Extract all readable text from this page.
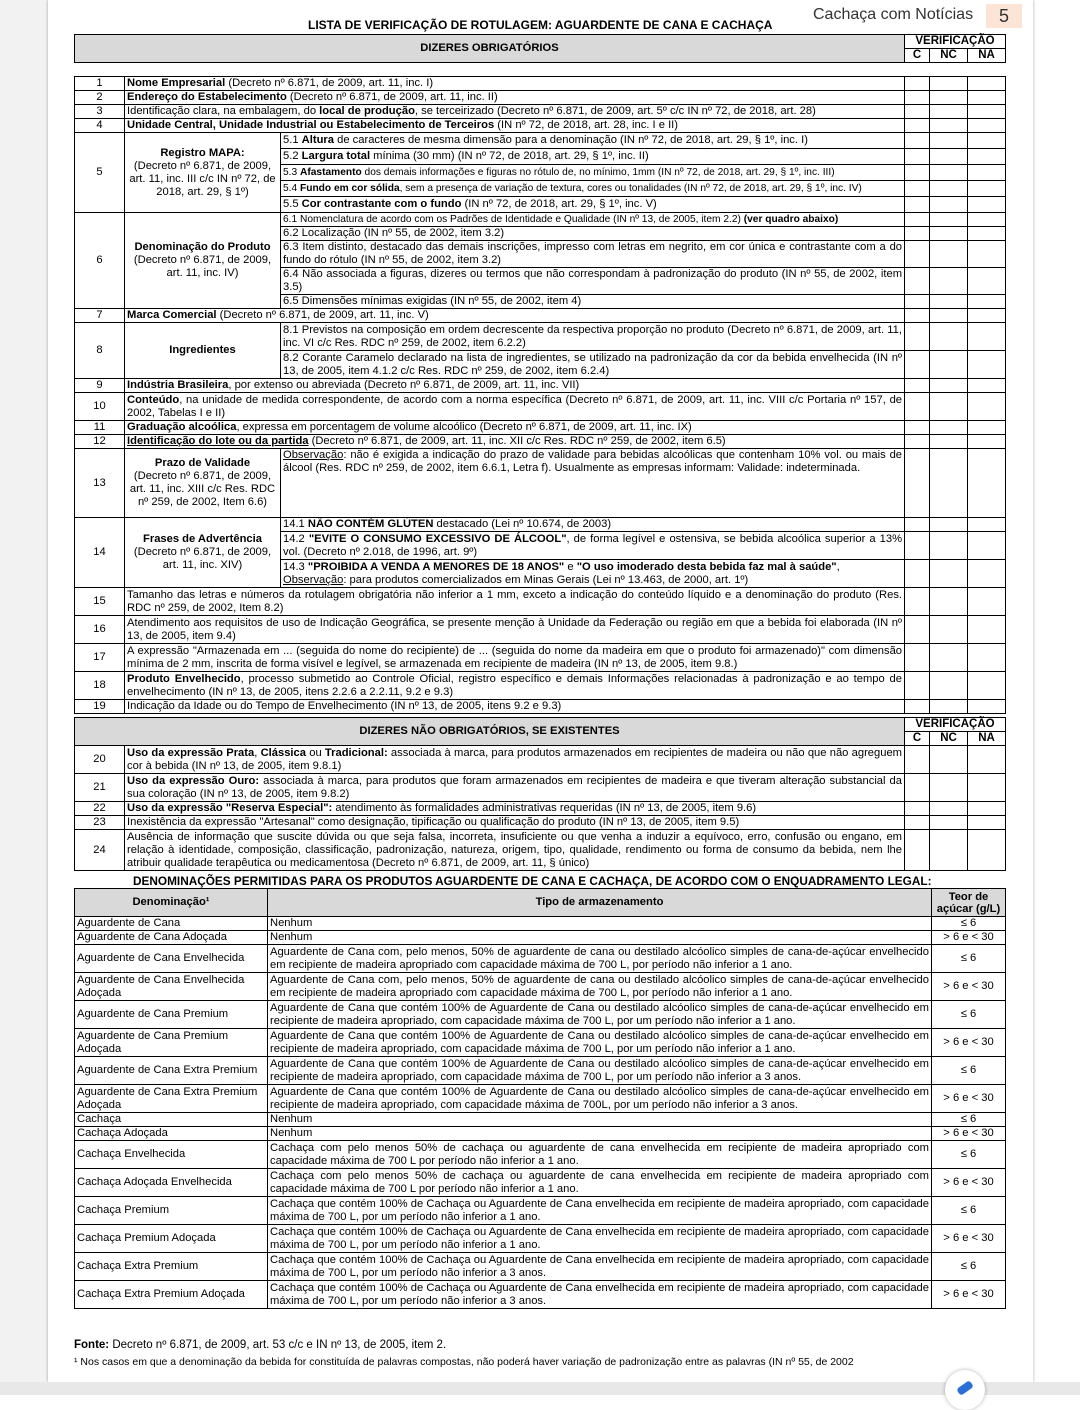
Cachaça com Notícias	5
LISTA DE VERIFICAÇÃO DE ROTULAGEM: AGUARDENTE DE CANA E CACHAÇA
DIZERES OBRIGATÓRIOS			VERIFICAÇÃO		
			C	NC	NA

1	Nome Empresarial (Decreto nº 6.871, de 2009, art. 11, inc. I)				
2	Endereço do Estabelecimento (Decreto nº 6.871, de 2009, art. 11, inc. II)				
3	Identificação clara, na embalagem, do local de produção, se terceirizado (Decreto nº 6.871, de 2009, art. 5º c/c IN nº 72, de 2018, art. 28)				
4	Unidade Central, Unidade Industrial ou Estabelecimento de Terceiros (IN nº 72, de 2018, art. 28, inc. I e II)				
5	Registro MAPA:
(Decreto nº 6.871, de 2009, art. 11, inc. III c/c IN nº 72, de 2018, art. 29, § 1º)	5.1 Altura de caracteres de mesma dimensão para a denominação (IN nº 72, de 2018, art. 29, § 1º, inc. I)			
		5.2 Largura total mínima (30 mm) (IN nº 72, de 2018, art. 29, § 1º, inc. II)			
		5.3 Afastamento dos demais informações e figuras no rótulo de, no mínimo, 1mm (IN nº 72, de 2018, art. 29, § 1º, inc. III)			
		5.4 Fundo em cor sólida, sem a presença de variação de textura, cores ou tonalidades (IN nº 72, de 2018, art. 29, § 1º, inc. IV)			
		5.5 Cor contrastante com o fundo (IN nº 72, de 2018, art. 29, § 1º, inc. V)			
6	Denominação do Produto
(Decreto nº 6.871, de 2009, art. 11, inc. IV)	6.1 Nomenclatura de acordo com os Padrões de Identidade e Qualidade (IN nº 13, de 2005, item 2.2) (ver quadro abaixo)			
		6.2 Localização (IN nº 55, de 2002, item 3.2)			
		6.3 Item distinto, destacado das demais inscrições, impresso com letras em negrito, em cor única e contrastante com a do fundo do rótulo (IN nº 55, de 2002, item 3.2)			
		6.4 Não associada a figuras, dizeres ou termos que não correspondam à padronização do produto (IN nº 55, de 2002, item 3.5)			
		6.5 Dimensões mínimas exigidas (IN nº 55, de 2002, item 4)			
7	Marca Comercial (Decreto nº 6.871, de 2009, art. 11, inc. V)				
8	Ingredientes	8.1 Previstos na composição em ordem decrescente da respectiva proporção no produto (Decreto nº 6.871, de 2009, art. 11, inc. VI c/c Res. RDC nº 259, de 2002, item 6.2.2)			
		8.2 Corante Caramelo declarado na lista de ingredientes, se utilizado na padronização da cor da bebida envelhecida (IN nº 13, de 2005, item 4.1.2 c/c Res. RDC nº 259, de 2002, item 6.2.4)			
9	Indústria Brasileira, por extenso ou abreviada (Decreto nº 6.871, de 2009, art. 11, inc. VII)				
10	Conteúdo, na unidade de medida correspondente, de acordo com a norma específica (Decreto nº 6.871, de 2009, art. 11, inc. VIII c/c Portaria nº 157, de 2002, Tabelas I e II)				
11	Graduação alcoólica, expressa em porcentagem de volume alcoólico (Decreto nº 6.871, de 2009, art. 11, inc. IX)				
12	Identificação do lote ou da partida (Decreto nº 6.871, de 2009, art. 11, inc. XII c/c Res. RDC nº 259, de 2002, item 6.5)				
13	Prazo de Validade
(Decreto nº 6.871, de 2009, art. 11, inc. XIII c/c Res. RDC nº 259, de 2002, Item 6.6)	Observação: não é exigida a indicação do prazo de validade para bebidas alcoólicas que contenham 10% vol. ou mais de álcool (Res. RDC nº 259, de 2002, item 6.6.1, Letra f). Usualmente as empresas informam: Validade: indeterminada.			
14	Frases de Advertência
(Decreto nº 6.871, de 2009, art. 11, inc. XIV)	14.1 NÃO CONTÉM GLÚTEN destacado (Lei nº 10.674, de 2003)			
		14.2 "EVITE O CONSUMO EXCESSIVO DE ÁLCOOL", de forma legível e ostensiva, se bebida alcoólica superior a 13% vol. (Decreto nº 2.018, de 1996, art. 9º)			
		14.3 "PROIBIDA A VENDA A MENORES DE 18 ANOS" e "O uso imoderado desta bebida faz mal à saúde",
Observação: para produtos comercializados em Minas Gerais (Lei nº 13.463, de 2000, art. 1º)			
15	Tamanho das letras e números da rotulagem obrigatória não inferior a 1 mm, exceto a indicação do conteúdo líquido e a denominação do produto (Res. RDC nº 259, de 2002, Item 8.2)				
16	Atendimento aos requisitos de uso de Indicação Geográfica, se presente menção à Unidade da Federação ou região em que a bebida foi elaborada (IN nº 13, de 2005, item 9.4)				
17	A expressão "Armazenada em ... (seguida do nome do recipiente) de ... (seguida do nome da madeira em que o produto foi armazenado)" com dimensão mínima de 2 mm, inscrita de forma visível e legível, se armazenada em recipiente de madeira (IN nº 13, de 2005, item 9.8.)				
18	Produto Envelhecido, processo submetido ao Controle Oficial, registro específico e demais Informações relacionadas à padronização e ao tempo de envelhecimento (IN nº 13, de 2005, itens 2.2.6 a 2.2.11, 9.2 e 9.3)				
19	Indicação da Idade ou do Tempo de Envelhecimento (IN nº 13, de 2005, itens 9.2 e 9.3)				
DIZERES NÃO OBRIGATÓRIOS, SE EXISTENTES		VERIFICAÇÃO		
		C	NC	NA
20	Uso da expressão Prata, Clássica ou Tradicional: associada à marca, para produtos armazenados em recipientes de madeira ou não que não agreguem cor à bebida (IN nº 13, de 2005, item 9.8.1)			
21	Uso da expressão Ouro: associada à marca, para produtos que foram armazenados em recipientes de madeira e que tiveram alteração substancial da sua coloração (IN nº 13, de 2005, item 9.8.2)			
22	Uso da expressão "Reserva Especial": atendimento às formalidades administrativas requeridas (IN nº 13, de 2005, item 9.6)			
23	Inexistência da expressão "Artesanal" como designação, tipificação ou qualificação do produto (IN nº 13, de 2005, item 9.5)			
24	Ausência de informação que suscite dúvida ou que seja falsa, incorreta, insuficiente ou que venha a induzir a equívoco, erro, confusão ou engano, em relação à identidade, composição, classificação, padronização, natureza, origem, tipo, qualidade, rendimento ou forma de consumo da bebida, nem lhe atribuir qualidade terapêutica ou medicamentosa (Decreto nº 6.871, de 2009, art. 11, § único)			
DENOMINAÇÕES PERMITIDAS PARA OS PRODUTOS AGUARDENTE DE CANA E CACHAÇA, DE ACORDO COM O ENQUADRAMENTO LEGAL:
Denominação¹	Tipo de armazenamento	Teor de açúcar (g/L)
Aguardente de Cana	Nenhum	≤ 6
Aguardente de Cana Adoçada	Nenhum	> 6 e < 30
Aguardente de Cana Envelhecida	Aguardente de Cana com, pelo menos, 50% de aguardente de cana ou destilado alcóolico simples de cana-de-açúcar envelhecido em recipiente de madeira apropriado com capacidade máxima de 700 L, por período não inferior a 1 ano.	≤ 6
Aguardente de Cana Envelhecida Adoçada	Aguardente de Cana com, pelo menos, 50% de aguardente de cana ou destilado alcóolico simples de cana-de-açúcar envelhecido em recipiente de madeira apropriado com capacidade máxima de 700 L, por período não inferior a 1 ano.	> 6 e < 30
Aguardente de Cana Premium	Aguardente de Cana que contém 100% de Aguardente de Cana ou destilado alcóolico simples de cana-de-açúcar envelhecido em recipiente de madeira apropriado, com capacidade máxima de 700 L, por um período não inferior a 1 ano.	≤ 6
Aguardente de Cana Premium Adoçada	Aguardente de Cana que contém 100% de Aguardente de Cana ou destilado alcóolico simples de cana-de-açúcar envelhecido em recipiente de madeira apropriado, com capacidade máxima de 700 L, por um período não inferior a 1 ano.	> 6 e < 30
Aguardente de Cana Extra Premium	Aguardente de Cana que contém 100% de Aguardente de Cana ou destilado alcóolico simples de cana-de-açúcar envelhecido em recipiente de madeira apropriado, com capacidade máxima de 700 L, por um período não inferior a 3 anos.	≤ 6
Aguardente de Cana Extra Premium Adoçada	Aguardente de Cana que contém 100% de Aguardente de Cana ou destilado alcóolico simples de cana-de-açúcar envelhecido em recipiente de madeira apropriado, com capacidade máxima de 700L, por um período não inferior a 3 anos.	> 6 e < 30
Cachaça	Nenhum	≤ 6
Cachaça Adoçada	Nenhum	> 6 e < 30
Cachaça Envelhecida	Cachaça com pelo menos 50% de cachaça ou aguardente de cana envelhecida em recipiente de madeira apropriado com capacidade máxima de 700 L por período não inferior a 1 ano.	≤ 6
Cachaça Adoçada Envelhecida	Cachaça com pelo menos 50% de cachaça ou aguardente de cana envelhecida em recipiente de madeira apropriado com capacidade máxima de 700 L por período não inferior a 1 ano.	> 6 e < 30
Cachaça Premium	Cachaça que contém 100% de Cachaça ou Aguardente de Cana envelhecida em recipiente de madeira apropriado, com capacidade máxima de 700 L, por um período não inferior a 1 ano.	≤ 6
Cachaça Premium Adoçada	Cachaça que contém 100% de Cachaça ou Aguardente de Cana envelhecida em recipiente de madeira apropriado, com capacidade máxima de 700 L, por um período não inferior a 1 ano.	> 6 e < 30
Cachaça Extra Premium	Cachaça que contém 100% de Cachaça ou Aguardente de Cana envelhecida em recipiente de madeira apropriado, com capacidade máxima de 700 L, por um período não inferior a 3 anos.	≤ 6
Cachaça Extra Premium Adoçada	Cachaça que contém 100% de Cachaça ou Aguardente de Cana envelhecida em recipiente de madeira apropriado, com capacidade máxima de 700 L, por um período não inferior a 3 anos.	> 6 e < 30
Fonte: Decreto nº 6.871, de 2009, art. 53 c/c e IN nº 13, de 2005, item 2.
¹ Nos casos em que a denominação da bebida for constituída de palavras compostas, não poderá haver variação de padronização entre as palavras (IN nº 55, de 2002
